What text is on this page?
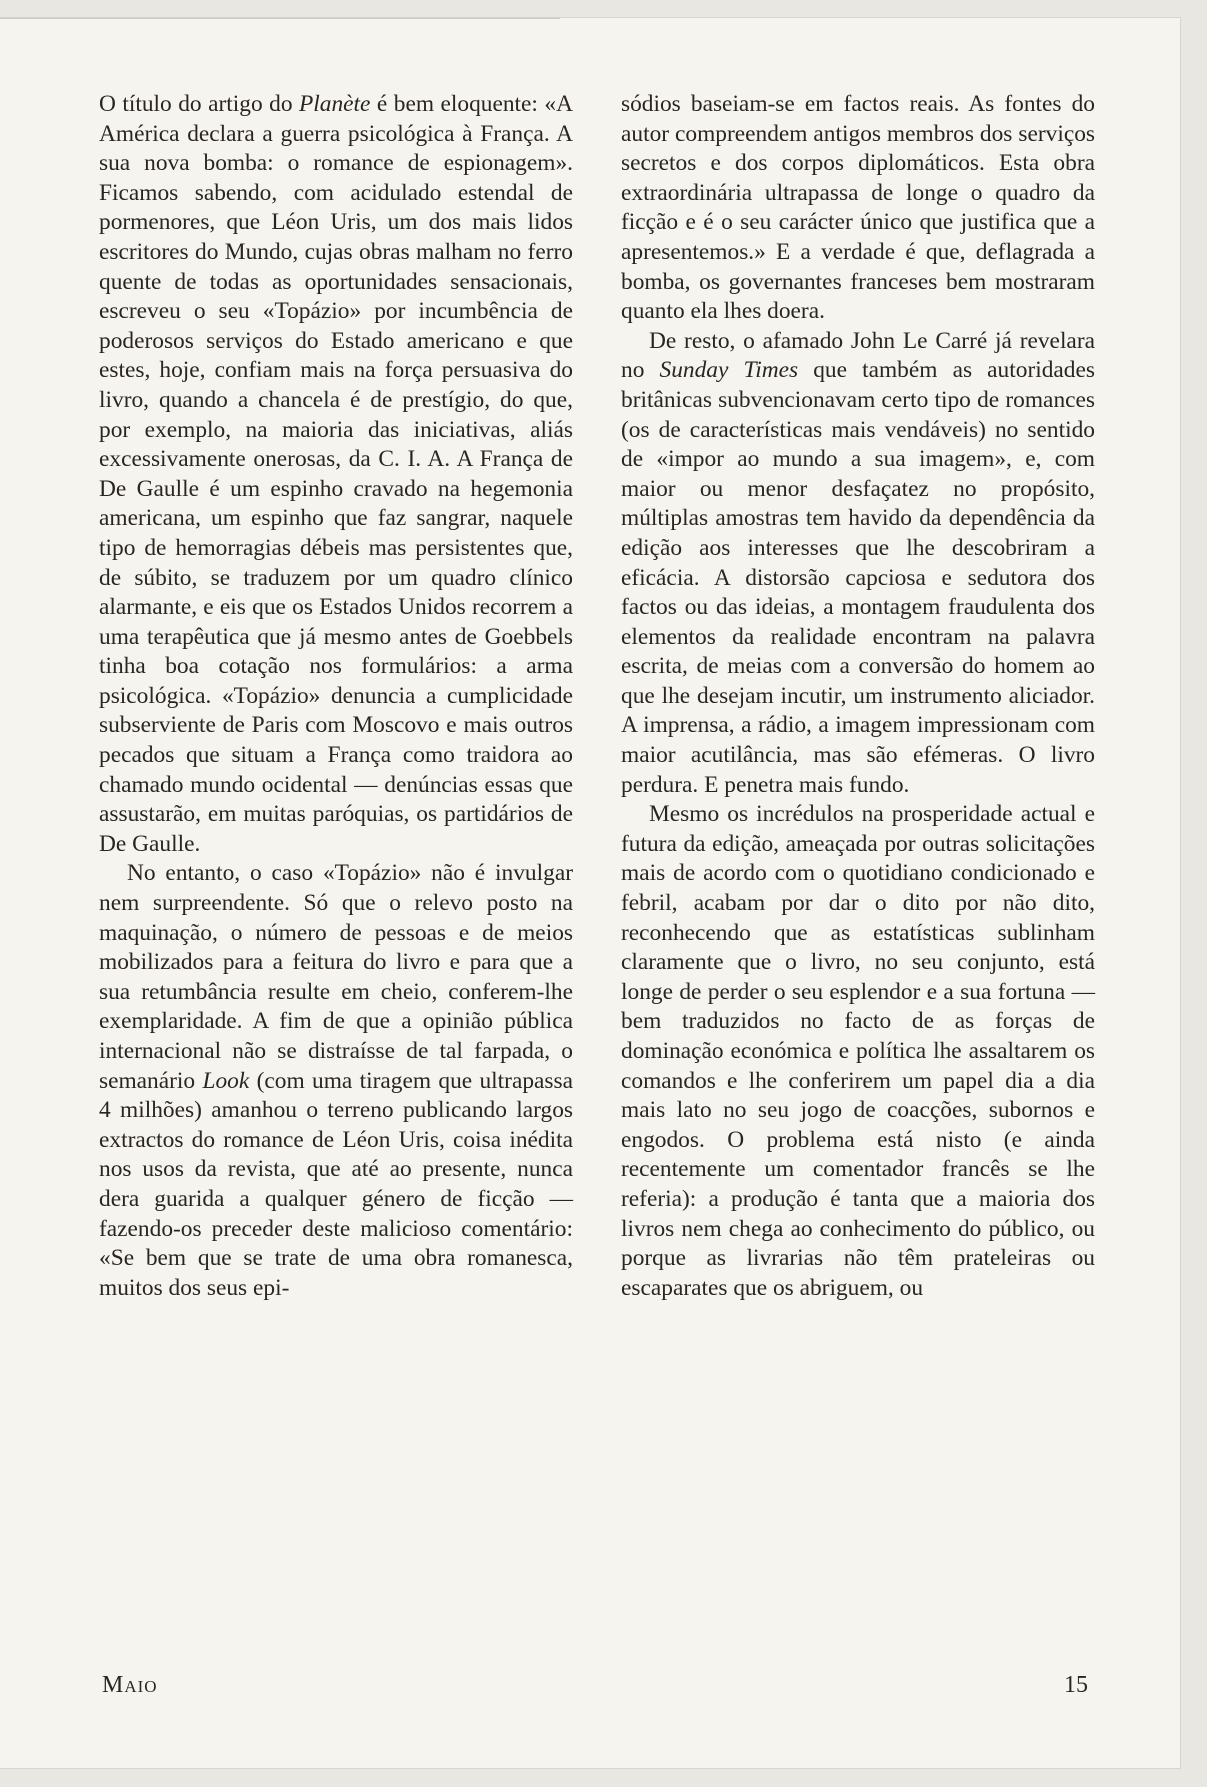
O título do artigo do Planète é bem eloquente: «A América declara a guerra psicológica à França. A sua nova bomba: o romance de espionagem». Ficamos sabendo, com acidulado estendal de pormenores, que Léon Uris, um dos mais lidos escritores do Mundo, cujas obras malham no ferro quente de todas as oportunidades sensacionais, escreveu o seu «Topázio» por incumbência de poderosos serviços do Estado americano e que estes, hoje, confiam mais na força persuasiva do livro, quando a chancela é de prestígio, do que, por exemplo, na maioria das iniciativas, aliás excessivamente onerosas, da C. I. A. A França de De Gaulle é um espinho cravado na hegemonia americana, um espinho que faz sangrar, naquele tipo de hemorragias débeis mas persistentes que, de súbito, se traduzem por um quadro clínico alarmante, e eis que os Estados Unidos recorrem a uma terapêutica que já mesmo antes de Goebbels tinha boa cotação nos formulários: a arma psicológica. «Topázio» denuncia a cumplicidade subserviente de Paris com Moscovo e mais outros pecados que situam a França como traidora ao chamado mundo ocidental — denúncias essas que assustarão, em muitas paróquias, os partidários de De Gaulle.

No entanto, o caso «Topázio» não é invulgar nem surpreendente. Só que o relevo posto na maquinação, o número de pessoas e de meios mobilizados para a feitura do livro e para que a sua retumbância resulte em cheio, conferem-lhe exemplaridade. A fim de que a opinião pública internacional não se distraísse de tal farpada, o semanário Look (com uma tiragem que ultrapassa 4 milhões) amanhou o terreno publicando largos extractos do romance de Léon Uris, coisa inédita nos usos da revista, que até ao presente, nunca dera guarida a qualquer género de ficção — fazendo-os preceder deste malicioso comentário: «Se bem que se trate de uma obra romanesca, muitos dos seus epi-

sódios baseiam-se em factos reais. As fontes do autor compreendem antigos membros dos serviços secretos e dos corpos diplomáticos. Esta obra extraordinária ultrapassa de longe o quadro da ficção e é o seu carácter único que justifica que a apresentemos.» E a verdade é que, deflagrada a bomba, os governantes franceses bem mostraram quanto ela lhes doera.

De resto, o afamado John Le Carré já revelara no Sunday Times que também as autoridades britânicas subvencionavam certo tipo de romances (os de características mais vendáveis) no sentido de «impor ao mundo a sua imagem», e, com maior ou menor desfaçatez no propósito, múltiplas amostras tem havido da dependência da edição aos interesses que lhe descobriram a eficácia. A distorsão capciosa e sedutora dos factos ou das ideias, a montagem fraudulenta dos elementos da realidade encontram na palavra escrita, de meias com a conversão do homem ao que lhe desejam incutir, um instrumento aliciador. A imprensa, a rádio, a imagem impressionam com maior acutilância, mas são efémeras. O livro perdura. E penetra mais fundo.

Mesmo os incrédulos na prosperidade actual e futura da edição, ameaçada por outras solicitações mais de acordo com o quotidiano condicionado e febril, acabam por dar o dito por não dito, reconhecendo que as estatísticas sublinham claramente que o livro, no seu conjunto, está longe de perder o seu esplendor e a sua fortuna — bem traduzidos no facto de as forças de dominação económica e política lhe assaltarem os comandos e lhe conferirem um papel dia a dia mais lato no seu jogo de coacções, subornos e engodos. O problema está nisto (e ainda recentemente um comentador francês se lhe referia): a produção é tanta que a maioria dos livros nem chega ao conhecimento do público, ou porque as livrarias não têm prateleiras ou escaparates que os abriguem, ou

Maio	15
